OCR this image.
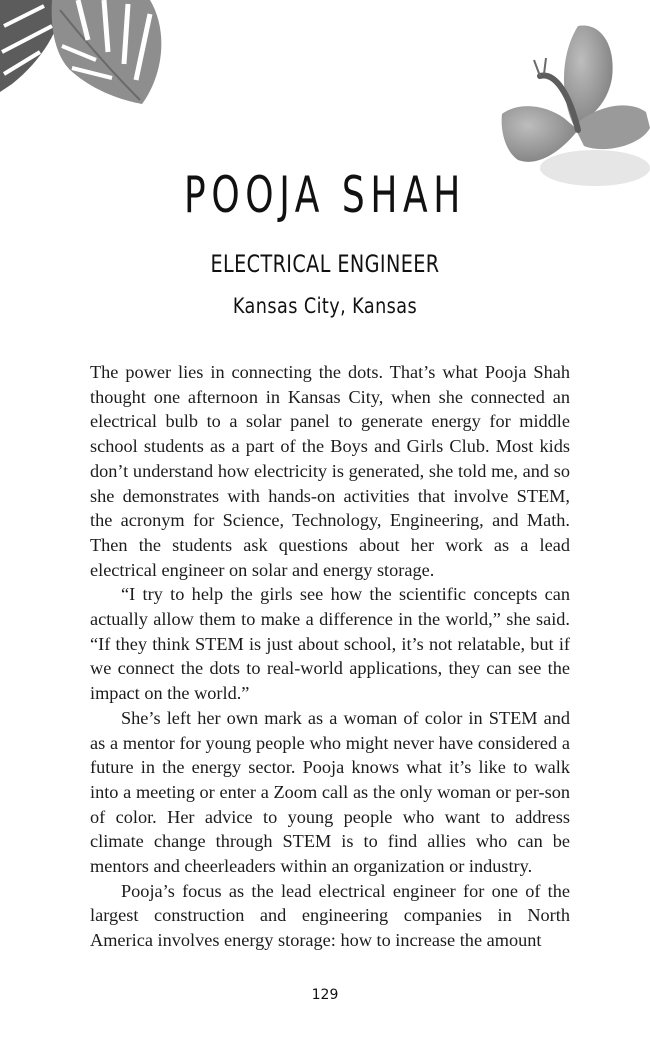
POOJA SHAH
ELECTRICAL ENGINEER
Kansas City, Kansas

The power lies in connecting the dots. That’s what Pooja Shah thought one afternoon in Kansas City, when she connected an electrical bulb to a solar panel to generate energy for middle school students as a part of the Boys and Girls Club. Most kids don’t understand how electricity is generated, she told me, and so she demonstrates with hands-on activities that involve STEM, the acronym for Science, Technology, Engineering, and Math. Then the students ask questions about her work as a lead electrical engineer on solar and energy storage.

“I try to help the girls see how the scientific concepts can actually allow them to make a difference in the world,” she said. “If they think STEM is just about school, it’s not relatable, but if we connect the dots to real-world applications, they can see the impact on the world.”

She’s left her own mark as a woman of color in STEM and as a mentor for young people who might never have considered a future in the energy sector. Pooja knows what it’s like to walk into a meeting or enter a Zoom call as the only woman or per-son of color. Her advice to young people who want to address climate change through STEM is to find allies who can be mentors and cheerleaders within an organization or industry.

Pooja’s focus as the lead electrical engineer for one of the largest construction and engineering companies in North America involves energy storage: how to increase the amount

129
